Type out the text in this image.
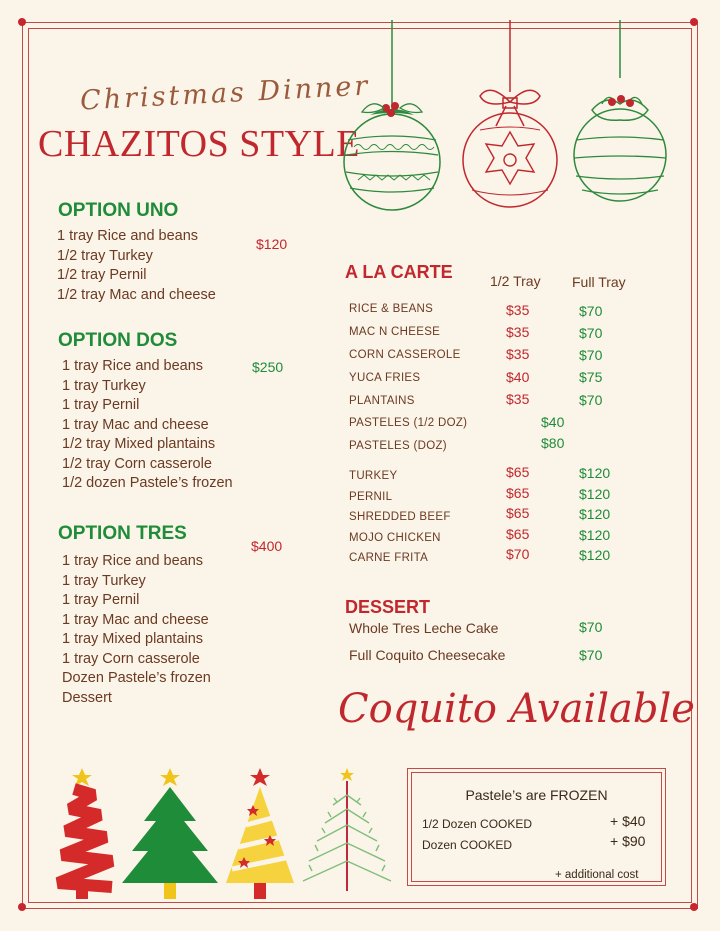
Christmas Dinner
CHAZITOS STYLE
OPTION UNO
$120
1 tray Rice and beans
1/2 tray Turkey
1/2 tray Pernil
1/2 tray Mac and cheese
OPTION DOS
$250
1 tray Rice and beans
1 tray Turkey
1 tray Pernil
1 tray Mac and cheese
1/2 tray Mixed plantains
1/2 tray Corn casserole
1/2 dozen Pastele’s frozen
OPTION TRES
$400
1 tray Rice and beans
1 tray Turkey
1 tray Pernil
1 tray Mac and cheese
1 tray Mixed plantains
1 tray Corn casserole
Dozen Pastele’s frozen
Dessert
A LA CARTE	1/2 Tray Full Tray
RICE & BEANS	$35	$70
MAC N CHEESE	$35	$70
CORN CASSEROLE	$35	$70
YUCA FRIES	$40	$75
PLANTAINS	$35	$70
PASTELES (1/2 DOZ)	$40
PASTELES (DOZ)	$80
TURKEY	$65	$120
PERNIL	$65	$120
SHREDDED BEEF	$65	$120
MOJO CHICKEN	$65	$120
CARNE FRITA	$70	$120
DESSERT
Whole Tres Leche Cake	$70
Full Coquito Cheesecake	$70
Coquito Available
Pastele’s are FROZEN
1/2 Dozen COOKED	+ $40
Dozen COOKED	+ $90
+ additional cost
